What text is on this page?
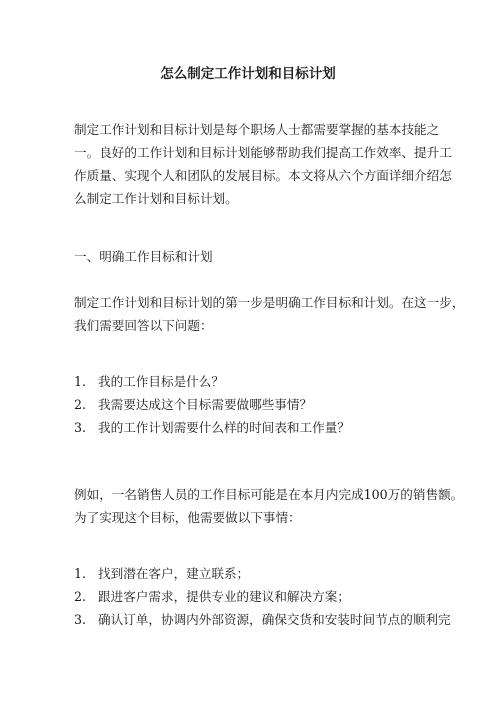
怎么制定工作计划和目标计划

制定工作计划和目标计划是每个职场人士都需要掌握的基本技能之
一。良好的工作计划和目标计划能够帮助我们提高工作效率、提升工
作质量、实现个人和团队的发展目标。本文将从六个方面详细介绍怎
么制定工作计划和目标计划。

一、明确工作目标和计划

制定工作计划和目标计划的第一步是明确工作目标和计划。在这一步，
我们需要回答以下问题：

1. 我的工作目标是什么？
2. 我需要达成这个目标需要做哪些事情？
3. 我的工作计划需要什么样的时间表和工作量？

例如，一名销售人员的工作目标可能是在本月内完成100万的销售额。
为了实现这个目标，他需要做以下事情：

1. 找到潜在客户，建立联系；
2. 跟进客户需求，提供专业的建议和解决方案；
3. 确认订单，协调内外部资源，确保交货和安装时间节点的顺利完
